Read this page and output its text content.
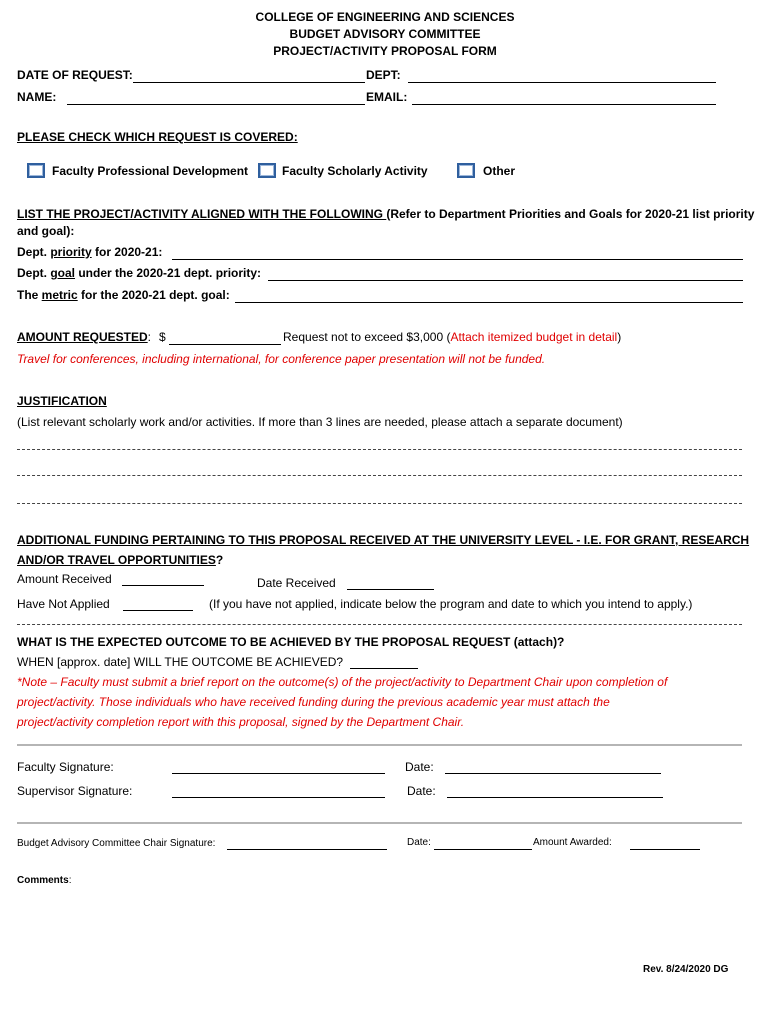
COLLEGE OF ENGINEERING AND SCIENCES
BUDGET ADVISORY COMMITTEE
PROJECT/ACTIVITY PROPOSAL FORM
DATE OF REQUEST:	DEPT:
NAME:	EMAIL:
PLEASE CHECK WHICH REQUEST IS COVERED:
Faculty Professional Development	Faculty Scholarly Activity	Other
LIST THE PROJECT/ACTIVITY ALIGNED WITH THE FOLLOWING (Refer to Department Priorities and Goals for 2020-21 list priority
and goal):
Dept. priority for 2020-21:
Dept. goal under the 2020-21 dept. priority:
The metric for the 2020-21 dept. goal:
AMOUNT REQUESTED: $	Request not to exceed $3,000 (Attach itemized budget in detail)
Travel for conferences, including international, for conference paper presentation will not be funded.
JUSTIFICATION
(List relevant scholarly work and/or activities. If more than 3 lines are needed, please attach a separate document)
ADDITIONAL FUNDING PERTAINING TO THIS PROPOSAL RECEIVED AT THE UNIVERSITY LEVEL - I.E. FOR GRANT, RESEARCH
AND/OR TRAVEL OPPORTUNITIES?
Amount Received	Date Received
Have Not Applied	(If you have not applied, indicate below the program and date to which you intend to apply.)
WHAT IS THE EXPECTED OUTCOME TO BE ACHIEVED BY THE PROPOSAL REQUEST (attach)?
WHEN [approx. date] WILL THE OUTCOME BE ACHIEVED?
*Note – Faculty must submit a brief report on the outcome(s) of the project/activity to Department Chair upon completion of
project/activity. Those individuals who have received funding during the previous academic year must attach the
project/activity completion report with this proposal, signed by the Department Chair.
Faculty Signature:	Date:
Supervisor Signature:	Date:
Budget Advisory Committee Chair Signature:	Date:	Amount Awarded:
Comments:
Rev. 8/24/2020 DG
